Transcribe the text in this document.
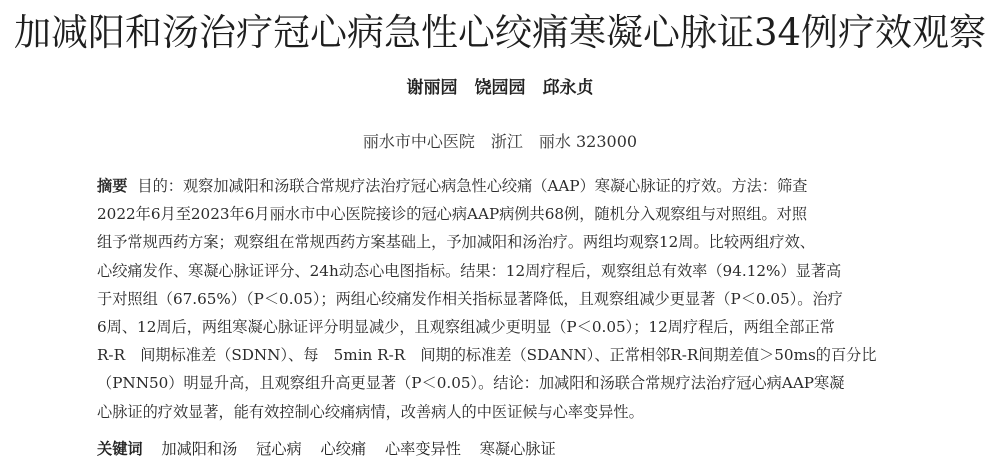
加减阳和汤治疗冠心病急性心绞痛寒凝心脉证34例疗效观察
谢丽园　饶园园　邱永贞
丽水市中心医院　浙江　丽水 323000
摘要 目的：观察加减阳和汤联合常规疗法治疗冠心病急性心绞痛（AAP）寒凝心脉证的疗效。方法：筛查
2022年6月至2023年6月丽水市中心医院接诊的冠心病AAP病例共68例，随机分入观察组与对照组。对照
组予常规西药方案；观察组在常规西药方案基础上，予加减阳和汤治疗。两组均观察12周。比较两组疗效、
心绞痛发作、寒凝心脉证评分、24h动态心电图指标。结果：12周疗程后，观察组总有效率（94.12%）显著高
于对照组（67.65%）（P＜0.05）；两组心绞痛发作相关指标显著降低，且观察组减少更显著（P＜0.05）。治疗
6周、12周后，两组寒凝心脉证评分明显减少，且观察组减少更明显（P＜0.05）；12周疗程后，两组全部正常
R-R　间期标准差（SDNN）、每　5min R-R　间期的标准差（SDANN）、正常相邻R-R间期差值＞50ms的百分比
（PNN50）明显升高，且观察组升高更显著（P＜0.05）。结论：加减阳和汤联合常规疗法治疗冠心病AAP寒凝
心脉证的疗效显著，能有效控制心绞痛病情，改善病人的中医证候与心率变异性。
关键词 加减阳和汤 冠心病 心绞痛 心率变异性 寒凝心脉证
